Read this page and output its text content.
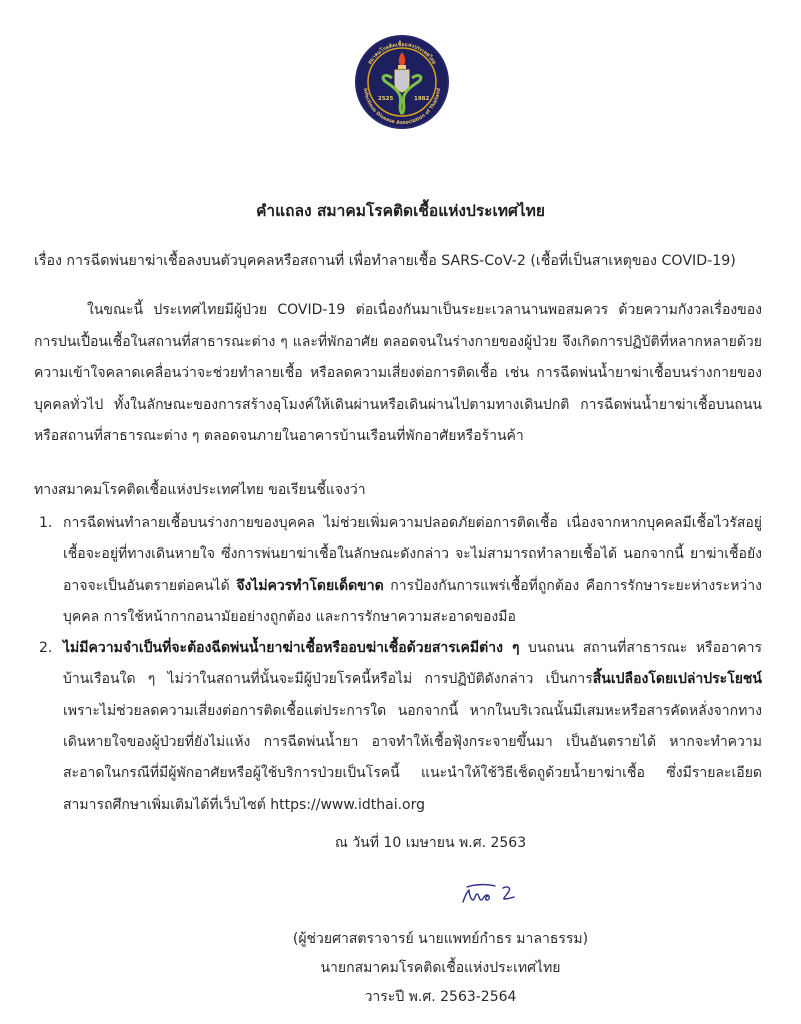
สมาคมโรคติดเชื้อแห่งประเทศไทย
Infectious Disease Association of Thailand
2525	1982
คำแถลง สมาคมโรคติดเชื้อแห่งประเทศไทย
เรื่อง การฉีดพ่นยาฆ่าเชื้อลงบนตัวบุคคลหรือสถานที่ เพื่อทำลายเชื้อ SARS-CoV-2 (เชื้อที่เป็นสาเหตุของ COVID-19)

ในขณะนี้ ประเทศไทยมีผู้ป่วย COVID-19 ต่อเนื่องกันมาเป็นระยะเวลานานพอสมควร ด้วยความกังวลเรื่องของการปนเปื้อนเชื้อในสถานที่สาธารณะต่าง ๆ และที่พักอาศัย ตลอดจนในร่างกายของผู้ป่วย จึงเกิดการปฏิบัติที่หลากหลายด้วยความเข้าใจคลาดเคลื่อนว่าจะช่วยทำลายเชื้อ หรือลดความเสี่ยงต่อการติดเชื้อ เช่น การฉีดพ่นน้ำยาฆ่าเชื้อบนร่างกายของบุคคลทั่วไป ทั้งในลักษณะของการสร้างอุโมงค์ให้เดินผ่านหรือเดินผ่านไปตามทางเดินปกติ การฉีดพ่นน้ำยาฆ่าเชื้อบนถนนหรือสถานที่สาธารณะต่าง ๆ ตลอดจนภายในอาคารบ้านเรือนที่พักอาศัยหรือร้านค้า

ทางสมาคมโรคติดเชื้อแห่งประเทศไทย ขอเรียนชี้แจงว่า

1. การฉีดพ่นทำลายเชื้อบนร่างกายของบุคคล ไม่ช่วยเพิ่มความปลอดภัยต่อการติดเชื้อ เนื่องจากหากบุคคลมีเชื้อไวรัสอยู่ เชื้อจะอยู่ที่ทางเดินหายใจ ซึ่งการพ่นยาฆ่าเชื้อในลักษณะดังกล่าว จะไม่สามารถทำลายเชื้อได้ นอกจากนี้ ยาฆ่าเชื้อยังอาจจะเป็นอันตรายต่อคนได้ จึงไม่ควรทำโดยเด็ดขาด การป้องกันการแพร่เชื้อที่ถูกต้อง คือการรักษาระยะห่างระหว่างบุคคล การใช้หน้ากากอนามัยอย่างถูกต้อง และการรักษาความสะอาดของมือ
2. ไม่มีความจำเป็นที่จะต้องฉีดพ่นน้ำยาฆ่าเชื้อหรืออบฆ่าเชื้อด้วยสารเคมีต่าง ๆ บนถนน สถานที่สาธารณะ หรืออาคารบ้านเรือนใด ๆ ไม่ว่าในสถานที่นั้นจะมีผู้ป่วยโรคนี้หรือไม่ การปฏิบัติดังกล่าว เป็นการสิ้นเปลืองโดยเปล่าประโยชน์ เพราะไม่ช่วยลดความเสี่ยงต่อการติดเชื้อแต่ประการใด นอกจากนี้ หากในบริเวณนั้นมีเสมหะหรือสารคัดหลั่งจากทางเดินหายใจของผู้ป่วยที่ยังไม่แห้ง การฉีดพ่นน้ำยา อาจทำให้เชื้อฟุ้งกระจายขึ้นมา เป็นอันตรายได้ หากจะทำความสะอาดในกรณีที่มีผู้พักอาศัยหรือผู้ใช้บริการป่วยเป็นโรคนี้ แนะนำให้ใช้วิธีเช็ดถูด้วยน้ำยาฆ่าเชื้อ ซึ่งมีรายละเอียด สามารถศึกษาเพิ่มเติมได้ที่เว็บไซต์ https://www.idthai.org
ณ วันที่ 10 เมษายน พ.ศ. 2563
(ผู้ช่วยศาสตราจารย์ นายแพทย์กำธร มาลาธรรม)
นายกสมาคมโรคติดเชื้อแห่งประเทศไทย
วาระปี พ.ศ. 2563-2564
